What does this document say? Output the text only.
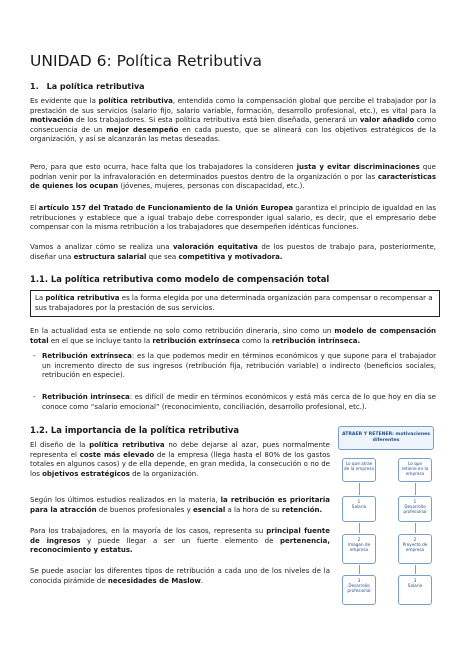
UNIDAD 6: Política Retributiva
1. La política retributiva

Es evidente que la política retributiva, entendida como la compensación global que percibe el trabajador por la prestación de sus servicios (salario fijo, salario variable, formación, desarrollo profesional, etc.), es vital para la motivación de los trabajadores. Si esta política retributiva está bien diseñada, generará un valor añadido como consecuencia de un mejor desempeño en cada puesto, que se alineará con los objetivos estratégicos de la organización, y así se alcanzarán las metas deseadas.

Pero, para que esto ocurra, hace falta que los trabajadores la consideren justa y evitar discriminaciones que podrían venir por la infravaloración en determinados puestos dentro de la organización o por las características de quienes los ocupan (jóvenes, mujeres, personas con discapacidad, etc.).

El artículo 157 del Tratado de Funcionamiento de la Unión Europea garantiza el principio de igualdad en las retribuciones y establece que a igual trabajo debe corresponder igual salario, es decir, que el empresario debe compensar con la misma retribución a los trabajadores que desempeñen idénticas funciones.

Vamos a analizar cómo se realiza una valoración equitativa de los puestos de trabajo para, posteriormente, diseñar una estructura salarial que sea competitiva y motivadora.

1.1. La política retributiva como modelo de compensación total
La política retributiva es la forma elegida por una determinada organización para compensar o recompensar a sus trabajadores por la prestación de sus servicios.

En la actualidad esta se entiende no solo como retribución dineraria, sino como un modelo de compensación total en el que se incluye tanto la retribución extrínseca como la retribución intrínseca.

- Retribución extrínseca: es la que podemos medir en términos económicos y que supone para el trabajador un incremento directo de sus ingresos (retribución fija, retribución variable) o indirecto (beneficios sociales, retribución en especie).

- Retribución intrínseca: es difícil de medir en términos económicos y está más cerca de lo que hoy en día se conoce como “salario emocional” (reconocimiento, conciliación, desarrollo profesional, etc.).

1.2. La importancia de la política retributiva

El diseño de la política retributiva no debe dejarse al azar, pues normalmente representa el coste más elevado de la empresa (llega hasta el 80% de los gastos totales en algunos casos) y de ella depende, en gran medida, la consecución o no de los objetivos estratégicos de la organización.

Según los últimos estudios realizados en la materia, la retribución es prioritaria para la atracción de buenos profesionales y esencial a la hora de su retención.

Para los trabajadores, en la mayoría de los casos, representa su principal fuente de ingresos y puede llegar a ser un fuerte elemento de pertenencia, reconocimiento y estatus.

Se puede asociar los diferentes tipos de retribución a cada uno de los niveles de la conocida pirámide de necesidades de Maslow.

ATRAER Y RETENER: motivaciones diferentes
Lo que atrae de la empresa
Lo que retiene en la empresa
1
Salario
1
Desarrollo profesional
2
Imagen de empresa
2
Proyecto de empresa
3
Desarrollo profesional
3
Salario
